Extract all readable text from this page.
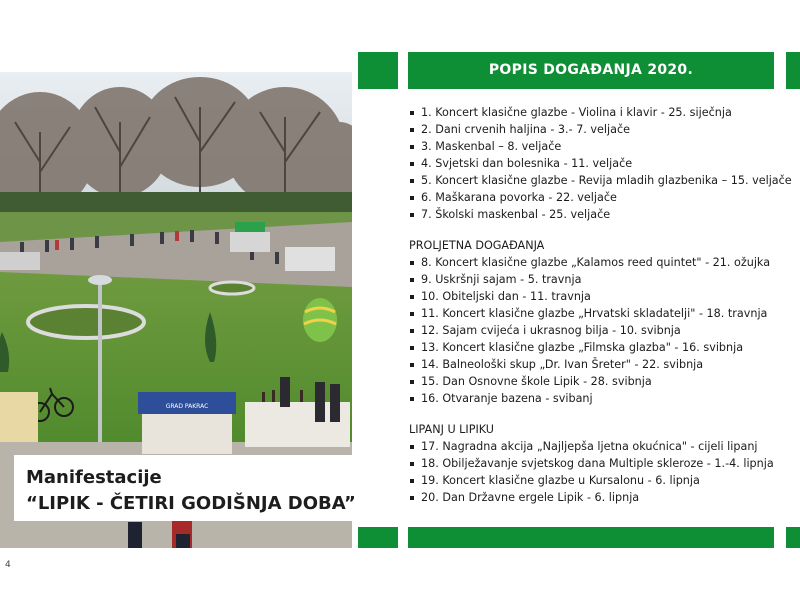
GRAD PAKRAC
Manifestacije
“LIPIK - ČETIRI GODIŠNJA DOBA”
4
POPIS DOGAĐANJA 2020.
1. Koncert klasične glazbe - Violina i klavir - 25. siječnja
2. Dani crvenih haljina - 3.- 7. veljače
3. Maskenbal – 8. veljače
4. Svjetski dan bolesnika - 11. veljače
5. Koncert klasične glazbe - Revija mladih glazbenika – 15. veljače
6. Maškarana povorka - 22. veljače
7. Školski maskenbal - 25. veljače
PROLJETNA DOGAĐANJA
8. Koncert klasične glazbe „Kalamos reed quintet" - 21. ožujka
9. Uskršnji sajam - 5. travnja
10. Obiteljski dan - 11. travnja
11. Koncert klasične glazbe „Hrvatski skladatelji" - 18. travnja
12. Sajam cvijeća i ukrasnog bilja - 10. svibnja
13. Koncert klasične glazbe „Filmska glazba" - 16. svibnja
14. Balneološki skup „Dr. Ivan Šreter" - 22. svibnja
15. Dan Osnovne škole Lipik - 28. svibnja
16. Otvaranje bazena - svibanj
LIPANJ U LIPIKU
17. Nagradna akcija „Najljepša ljetna okućnica" - cijeli lipanj
18. Obilježavanje svjetskog dana Multiple skleroze - 1.-4. lipnja
19. Koncert klasične glazbe u Kursalonu - 6. lipnja
20. Dan Državne ergele Lipik - 6. lipnja
